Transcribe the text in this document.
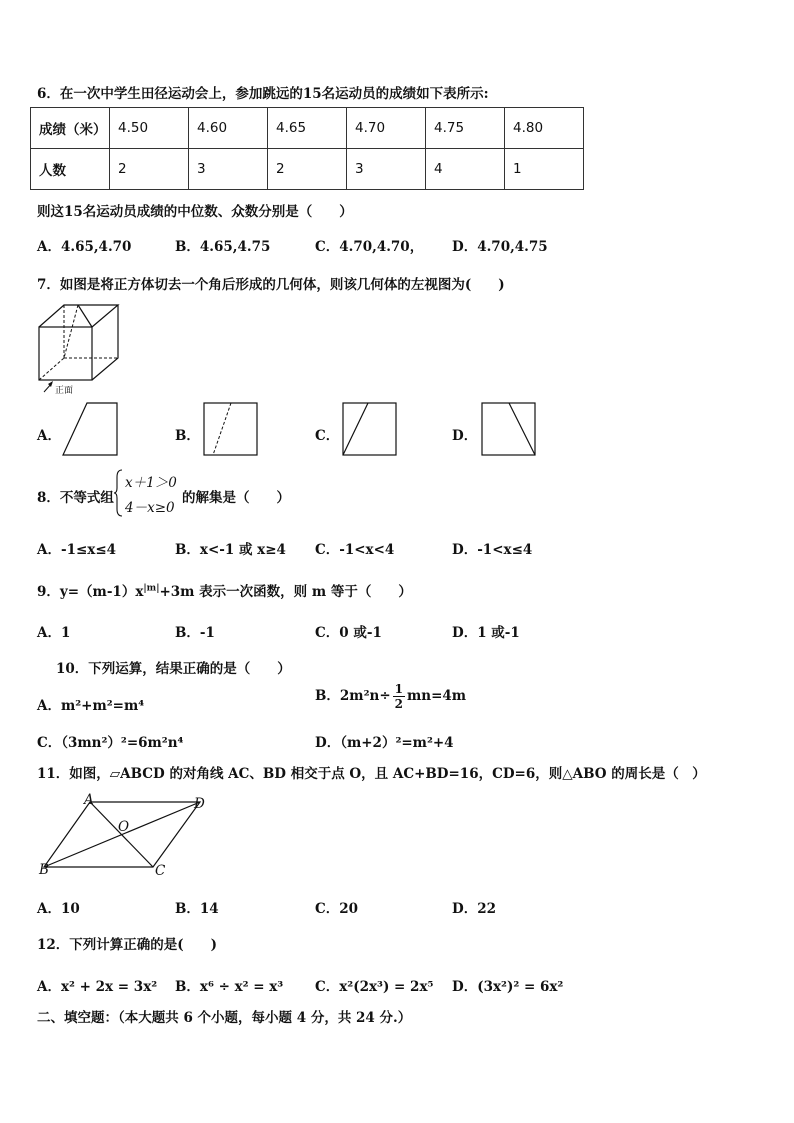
6．在一次中学生田径运动会上，参加跳远的15名运动员的成绩如下表所示:
成绩（米）	4.50	4.60	4.65	4.70	4.75	4.80
人数	2	3	2	3	4	1
则这15名运动员成绩的中位数、众数分别是（　　）
A．4.65,4.70	B．4.65,4.75	C．4.70,4.70， D．4.70,4.75
7．如图是将正方体切去一个角后形成的几何体，则该几何体的左视图为(　　)
正面
A．	B．	C．	D．
8．不等式组
x＋1＞0
4－x≥0
的解集是（　　）
A．-1≤x≤4	B．x<-1 或 x≥4 C．-1<x<4	D．-1<x≤4
9．$y=(m-1)x^{|m|}+3m$ 表示一次函数，则 m 等于（　　）
A．1	B．-1	C．0 或-1	D．1 或-1
10．下列运算，结果正确的是（　　）
A．m²+m²=m⁴
B．$2m^2n\div \frac{1}{2} mn=4m$
C．（3mn²）²=6m²n⁴	D．（m+2）²=m²+4
11．如图，▱ABCD 的对角线 AC、BD 相交于点 O，且 AC+BD=16，CD=6，则△ABO 的周长是（　）
A	D
O
B	C
A．10	B．14	C．20	D．22
12．下列计算正确的是(　　)
A．x² + 2x = 3x² B．x⁶ ÷ x² = x³ C．x²(2x³) = 2x⁵ D．(3x²)² = 6x²
二、填空题：（本大题共 6 个小题，每小题 4 分，共 24 分.）
